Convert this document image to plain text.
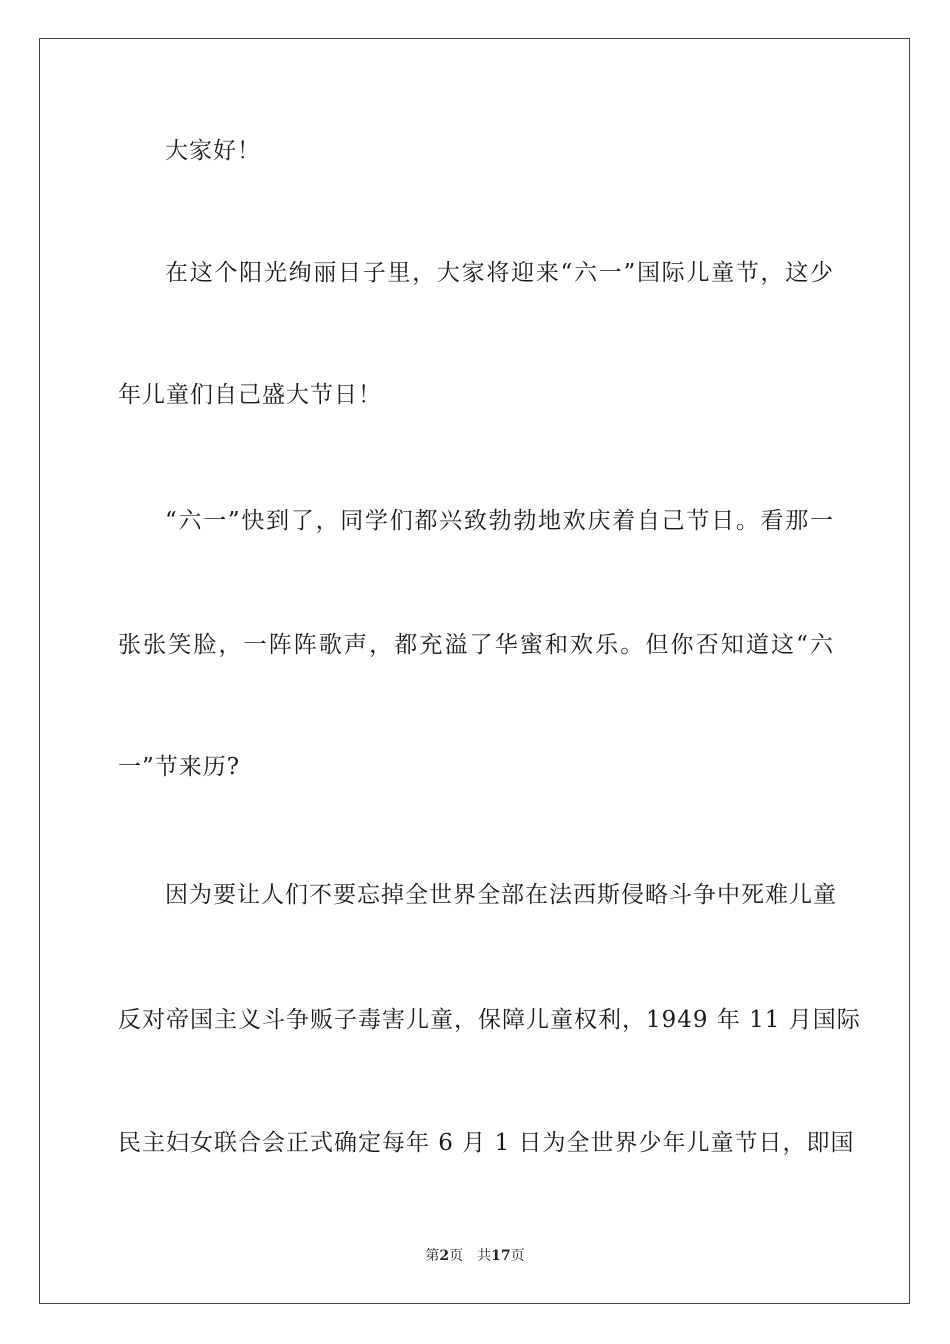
大家好！
在这个阳光绚丽日子里，大家将迎来“六一”国际儿童节，这少
年儿童们自己盛大节日！
“六一”快到了，同学们都兴致勃勃地欢庆着自己节日。看那一
张张笑脸，一阵阵歌声，都充溢了华蜜和欢乐。但你否知道这“六
一”节来历?
因为要让人们不要忘掉全世界全部在法西斯侵略斗争中死难儿童
反对帝国主义斗争贩子毒害儿童，保障儿童权利，1949 年 11 月国际
民主妇女联合会正式确定每年 6 月 1 日为全世界少年儿童节日，即国
第2页 共17页
